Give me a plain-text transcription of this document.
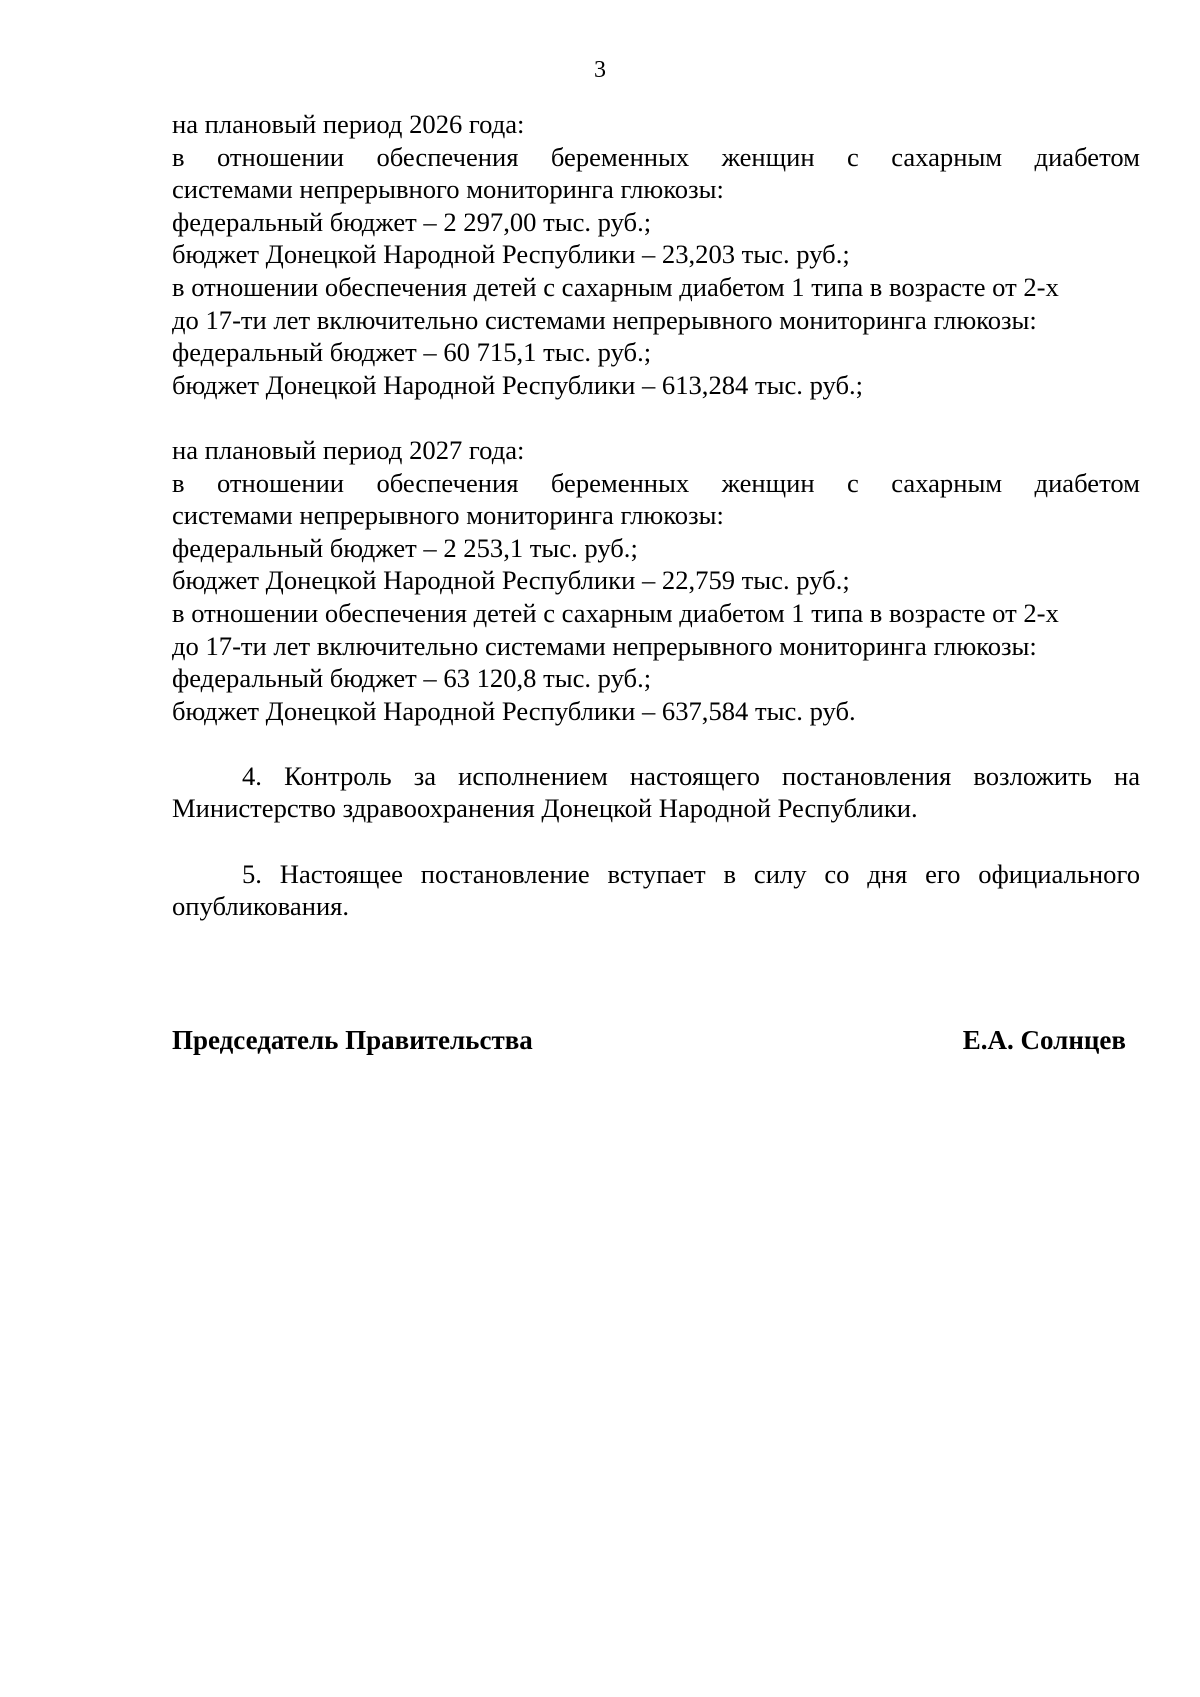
3
на плановый период 2026 года:
в отношении обеспечения беременных женщин с сахарным диабетом
системами непрерывного мониторинга глюкозы:
федеральный бюджет – 2 297,00 тыс. руб.;
бюджет Донецкой Народной Республики – 23,203 тыс. руб.;
в отношении обеспечения детей с сахарным диабетом 1 типа в возрасте от 2-х
до 17-ти лет включительно системами непрерывного мониторинга глюкозы:
федеральный бюджет – 60 715,1 тыс. руб.;
бюджет Донецкой Народной Республики – 613,284 тыс. руб.;
на плановый период 2027 года:
в отношении обеспечения беременных женщин с сахарным диабетом
системами непрерывного мониторинга глюкозы:
федеральный бюджет – 2 253,1 тыс. руб.;
бюджет Донецкой Народной Республики – 22,759 тыс. руб.;
в отношении обеспечения детей с сахарным диабетом 1 типа в возрасте от 2-х
до 17-ти лет включительно системами непрерывного мониторинга глюкозы:
федеральный бюджет – 63 120,8 тыс. руб.;
бюджет Донецкой Народной Республики – 637,584 тыс. руб.
4. Контроль за исполнением настоящего постановления возложить на
Министерство здравоохранения Донецкой Народной Республики.
5. Настоящее постановление вступает в силу со дня его официального
опубликования.
Председатель Правительства	Е.А. Солнцев
